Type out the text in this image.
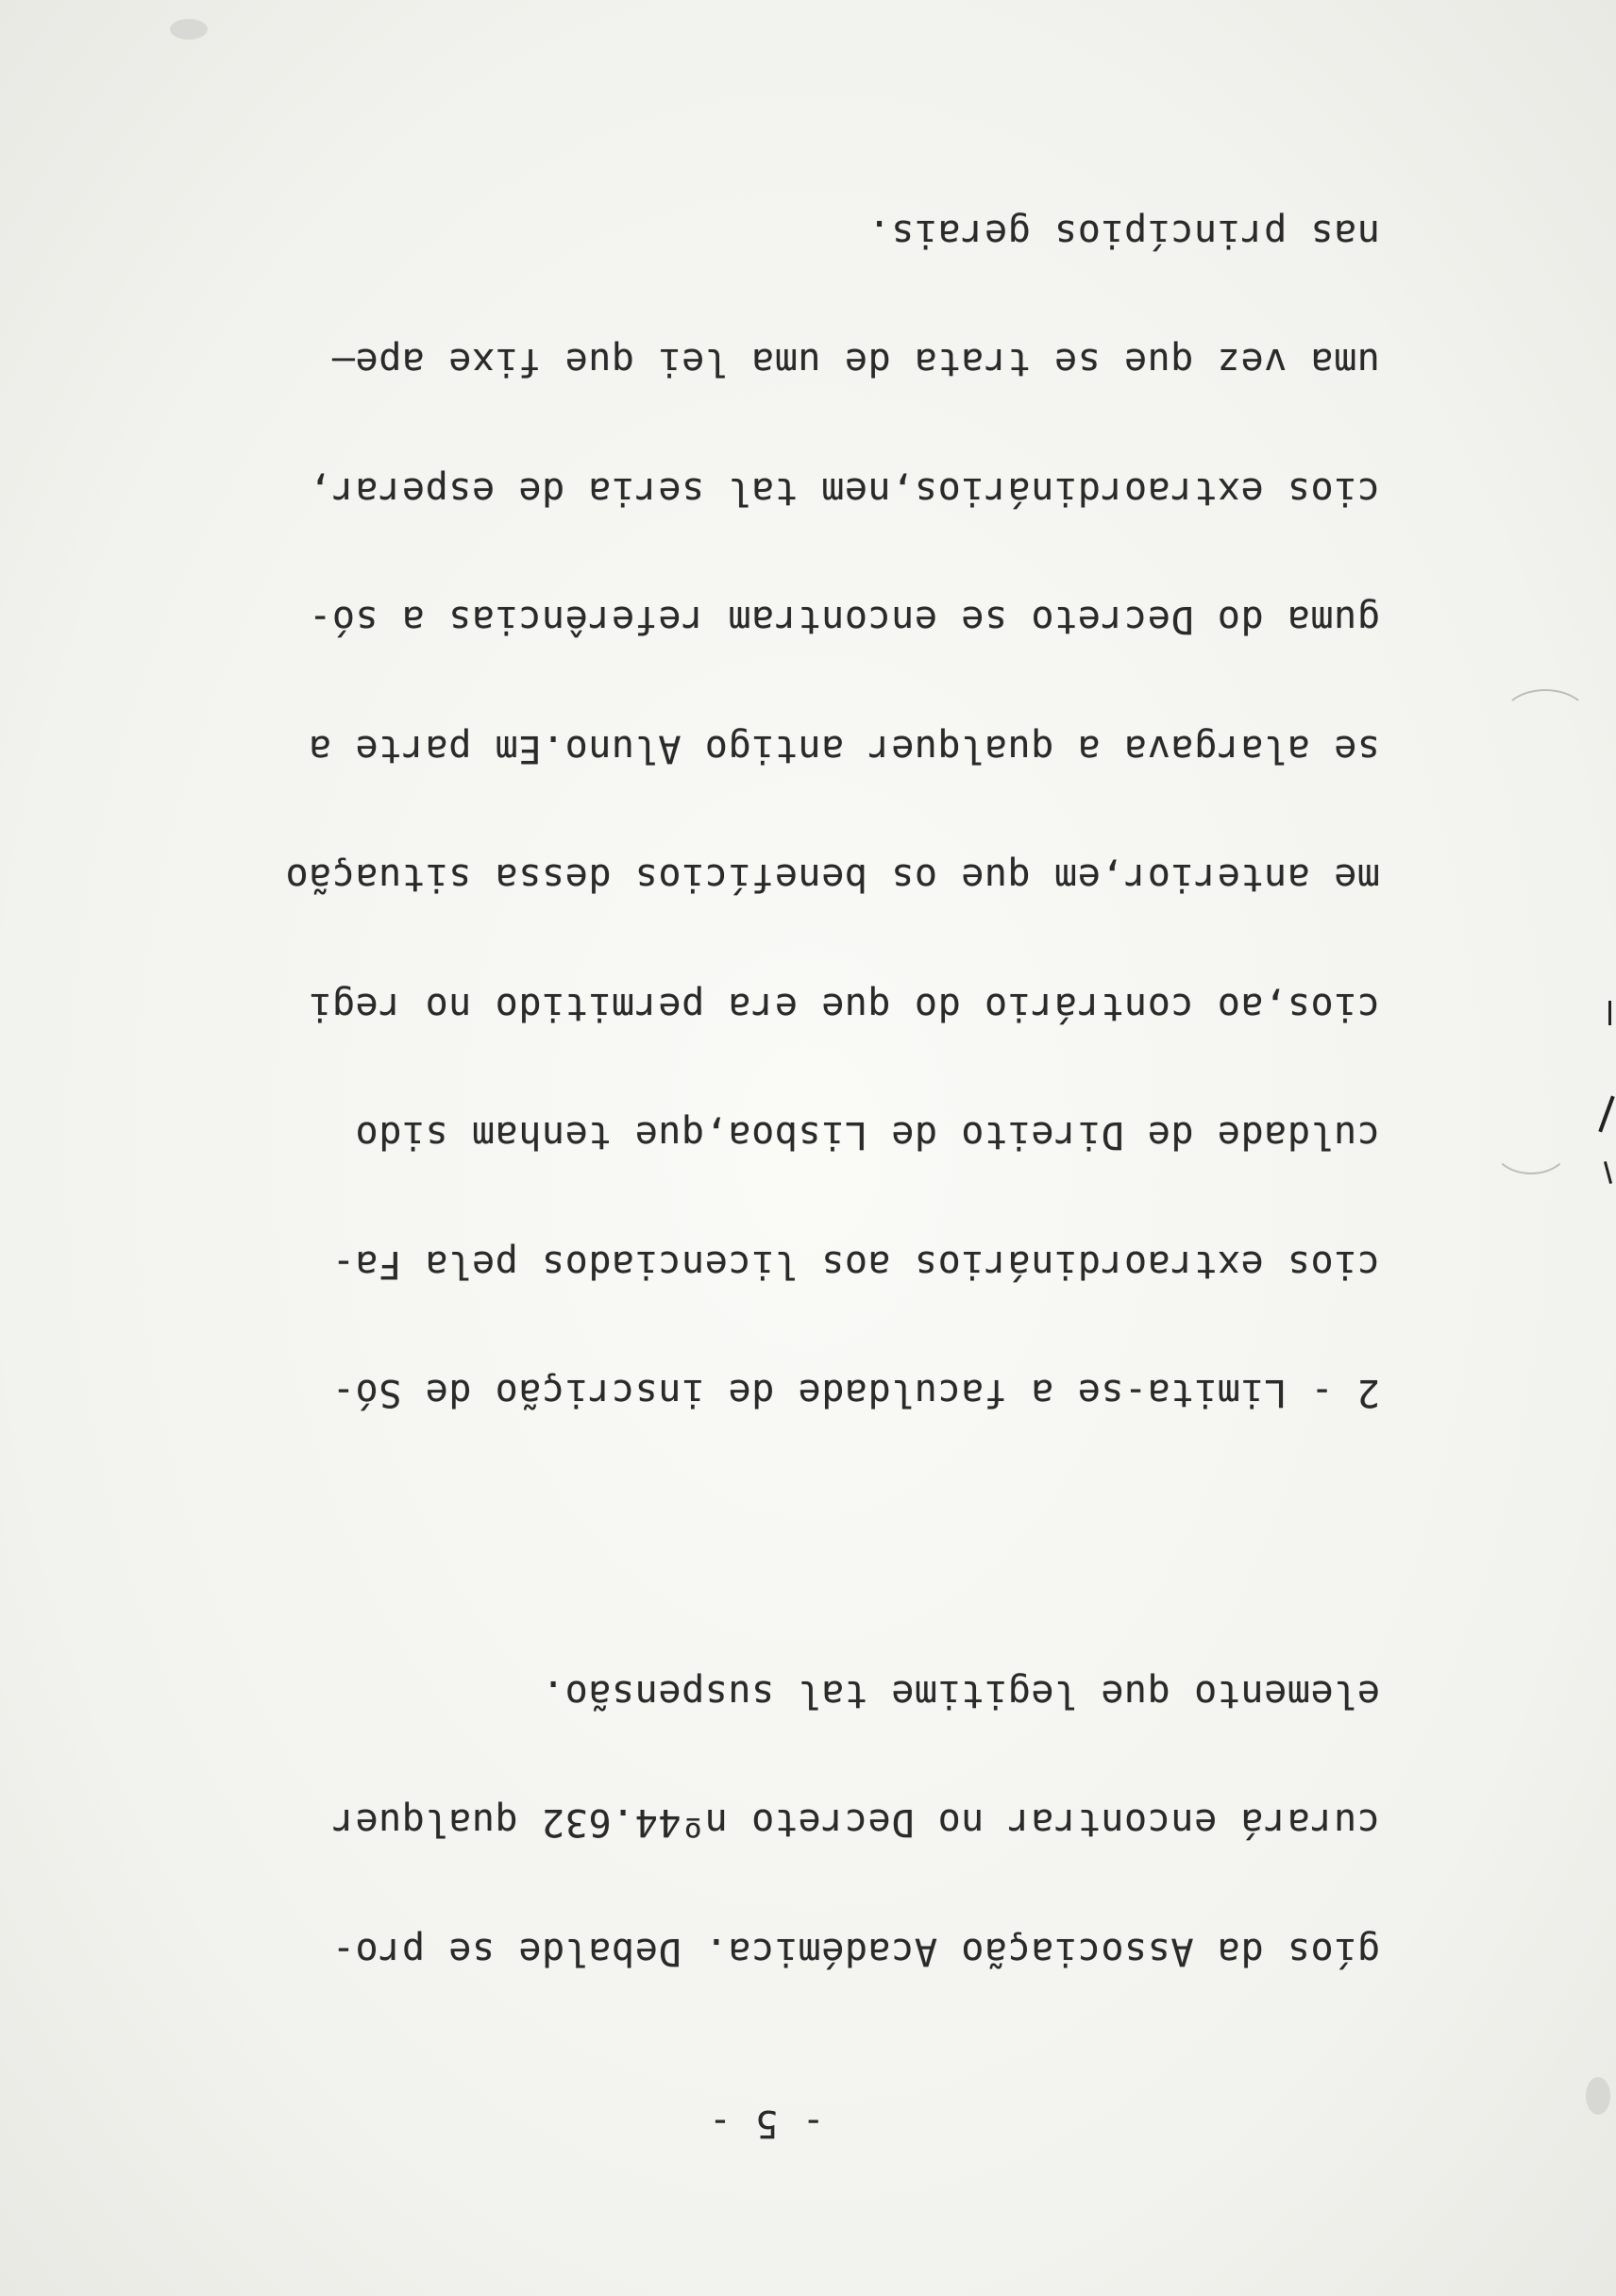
- 5 -

gíos da Associação Académica. Debalde se pro-

curará encontrar no Decreto nº44.632 qualquer

elemento que legitime tal suspensão.

2 - Limita-se a faculdade de inscrição de Só-

cios extraordinários aos licenciados pela Fa-

culdade de Direito de Lisboa,que tenham sido

cios,ao contrário do que era permitido no regi

me anterior,em que os benefícios dessa situação

se alargava a qualquer antigo Aluno.Em parte a

guma do Decreto se encontram referências a só-

cios extraordinários,nem tal seria de esperar,

uma vez que se trata de uma lei que fixe ape—

nas princípios gerais.
